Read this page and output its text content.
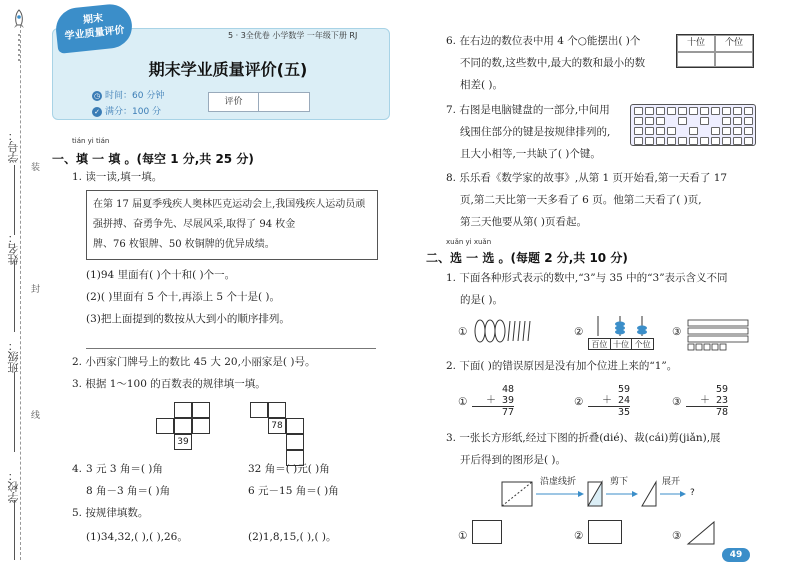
学号：
姓名：
班级：
学校：
装
封
线
期末
学业质量评价	5 · 3全优卷 小学数学 一年级下册 RJ
期末学业质量评价(五)
◷ 时间：60 分钟
✓ 满分：100 分
评价
tián yi tián
一、填 一 填 。(每空 1 分,共 25 分)
1. 读一读,填一填。
在第 17 届夏季残疾人奥林匹克运动会上,我国残疾人运动员顽强拼搏、奋勇争先、尽展风采,取得了 94 枚金
牌、76 枚银牌、50 枚铜牌的优异成绩。
(1)94 里面有( )个十和( )个一。
(2)( )里面有 5 个十,再添上 5 个十是( )。
(3)把上面提到的数按从大到小的顺序排列。
2. 小西家门牌号上的数比 45 大 20,小丽家是( )号。
3. 根据 1～100 的百数表的规律填一填。
39
78
4. 3 元 3 角＝( )角	32 角＝( )元( )角
8 角－3 角＝( )角	6 元－15 角＝( )角
5. 按规律填数。
(1)34,32,( ),( ),26。	(2)1,8,15,( ),( )。
6. 在右边的数位表中用 4 个○能摆出( )个
不同的数,这些数中,最大的数和最小的数
相差( )。
十位	个位
7. 右图是电脑键盘的一部分,中间用
线围住部分的键是按规律排列的,
且大小相等,一共缺了( )个键。
8. 乐乐看《数学家的故事》,从第 1 页开始看,第一天看了 17
页,第二天比第一天多看了 6 页。他第二天看了( )页,
第三天他要从第( )页看起。
xuǎn yi xuǎn
二、选 一 选 。(每题 2 分,共 10 分)
1. 下面各种形式表示的数中,“3”与 35 中的“3”表示含义不同
的是( )。
①	②
百位 十位 个位
③
2. 下面( )的错误原因是没有加个位进上来的“1”。
①
48
＋ 39
77
②
59
＋ 24
35
③
59
＋ 23
78
3. 一张长方形纸,经过下图的折叠(dié)、裁(cái)剪(jiǎn),展
开后得到的图形是( )。
沿虚线折	剪下	展开
?
①	②	③
49
